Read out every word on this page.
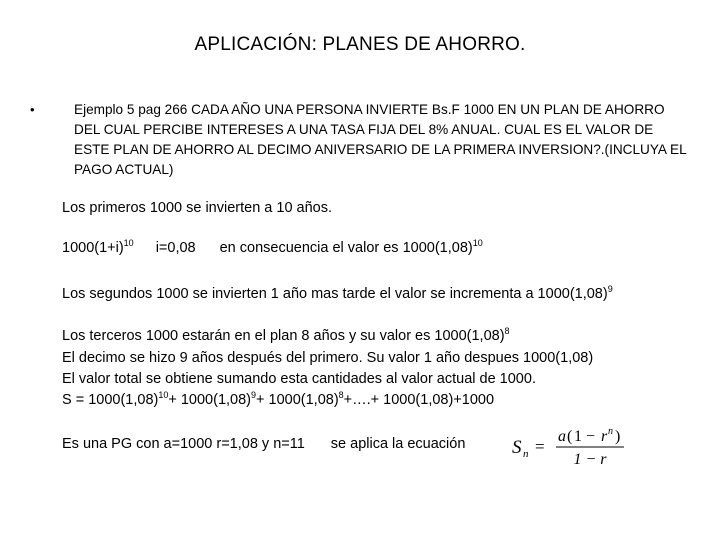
APLICACIÓN: PLANES DE AHORRO.
•	Ejemplo 5 pag 266 CADA AÑO UNA PERSONA INVIERTE Bs.F 1000 EN UN PLAN DE AHORRO DEL CUAL PERCIBE INTERESES A UNA TASA FIJA DEL 8% ANUAL. CUAL ES EL VALOR DE ESTE PLAN DE AHORRO AL DECIMO ANIVERSARIO DE LA PRIMERA INVERSION?.(INCLUYA EL PAGO ACTUAL)
Los primeros 1000 se invierten a 10 años.
$1000(1+i)^{10}$ i=0,08 en consecuencia el valor es $1000(1,08)^{10}$
Los segundos 1000 se invierten 1 año mas tarde el valor se incrementa a $1000(1,08)^9$
Los terceros 1000 estarán en el plan 8 años y su valor es $1000(1,08)^8$
El decimo se hizo 9 años después del primero. Su valor 1 año despues 1000(1,08)
El valor total se obtiene sumando esta cantidades al valor actual de 1000.
$S = 1000(1,08)^{10}+ 1000(1,08)^9+$ $1000(1,08)^8+\dots.+ 1000(1,08)+1000$
Es una PG con a=1000 r=1,08 y n=11 se aplica la ecuación S n =
a ( 1 − r n )
1 − r
